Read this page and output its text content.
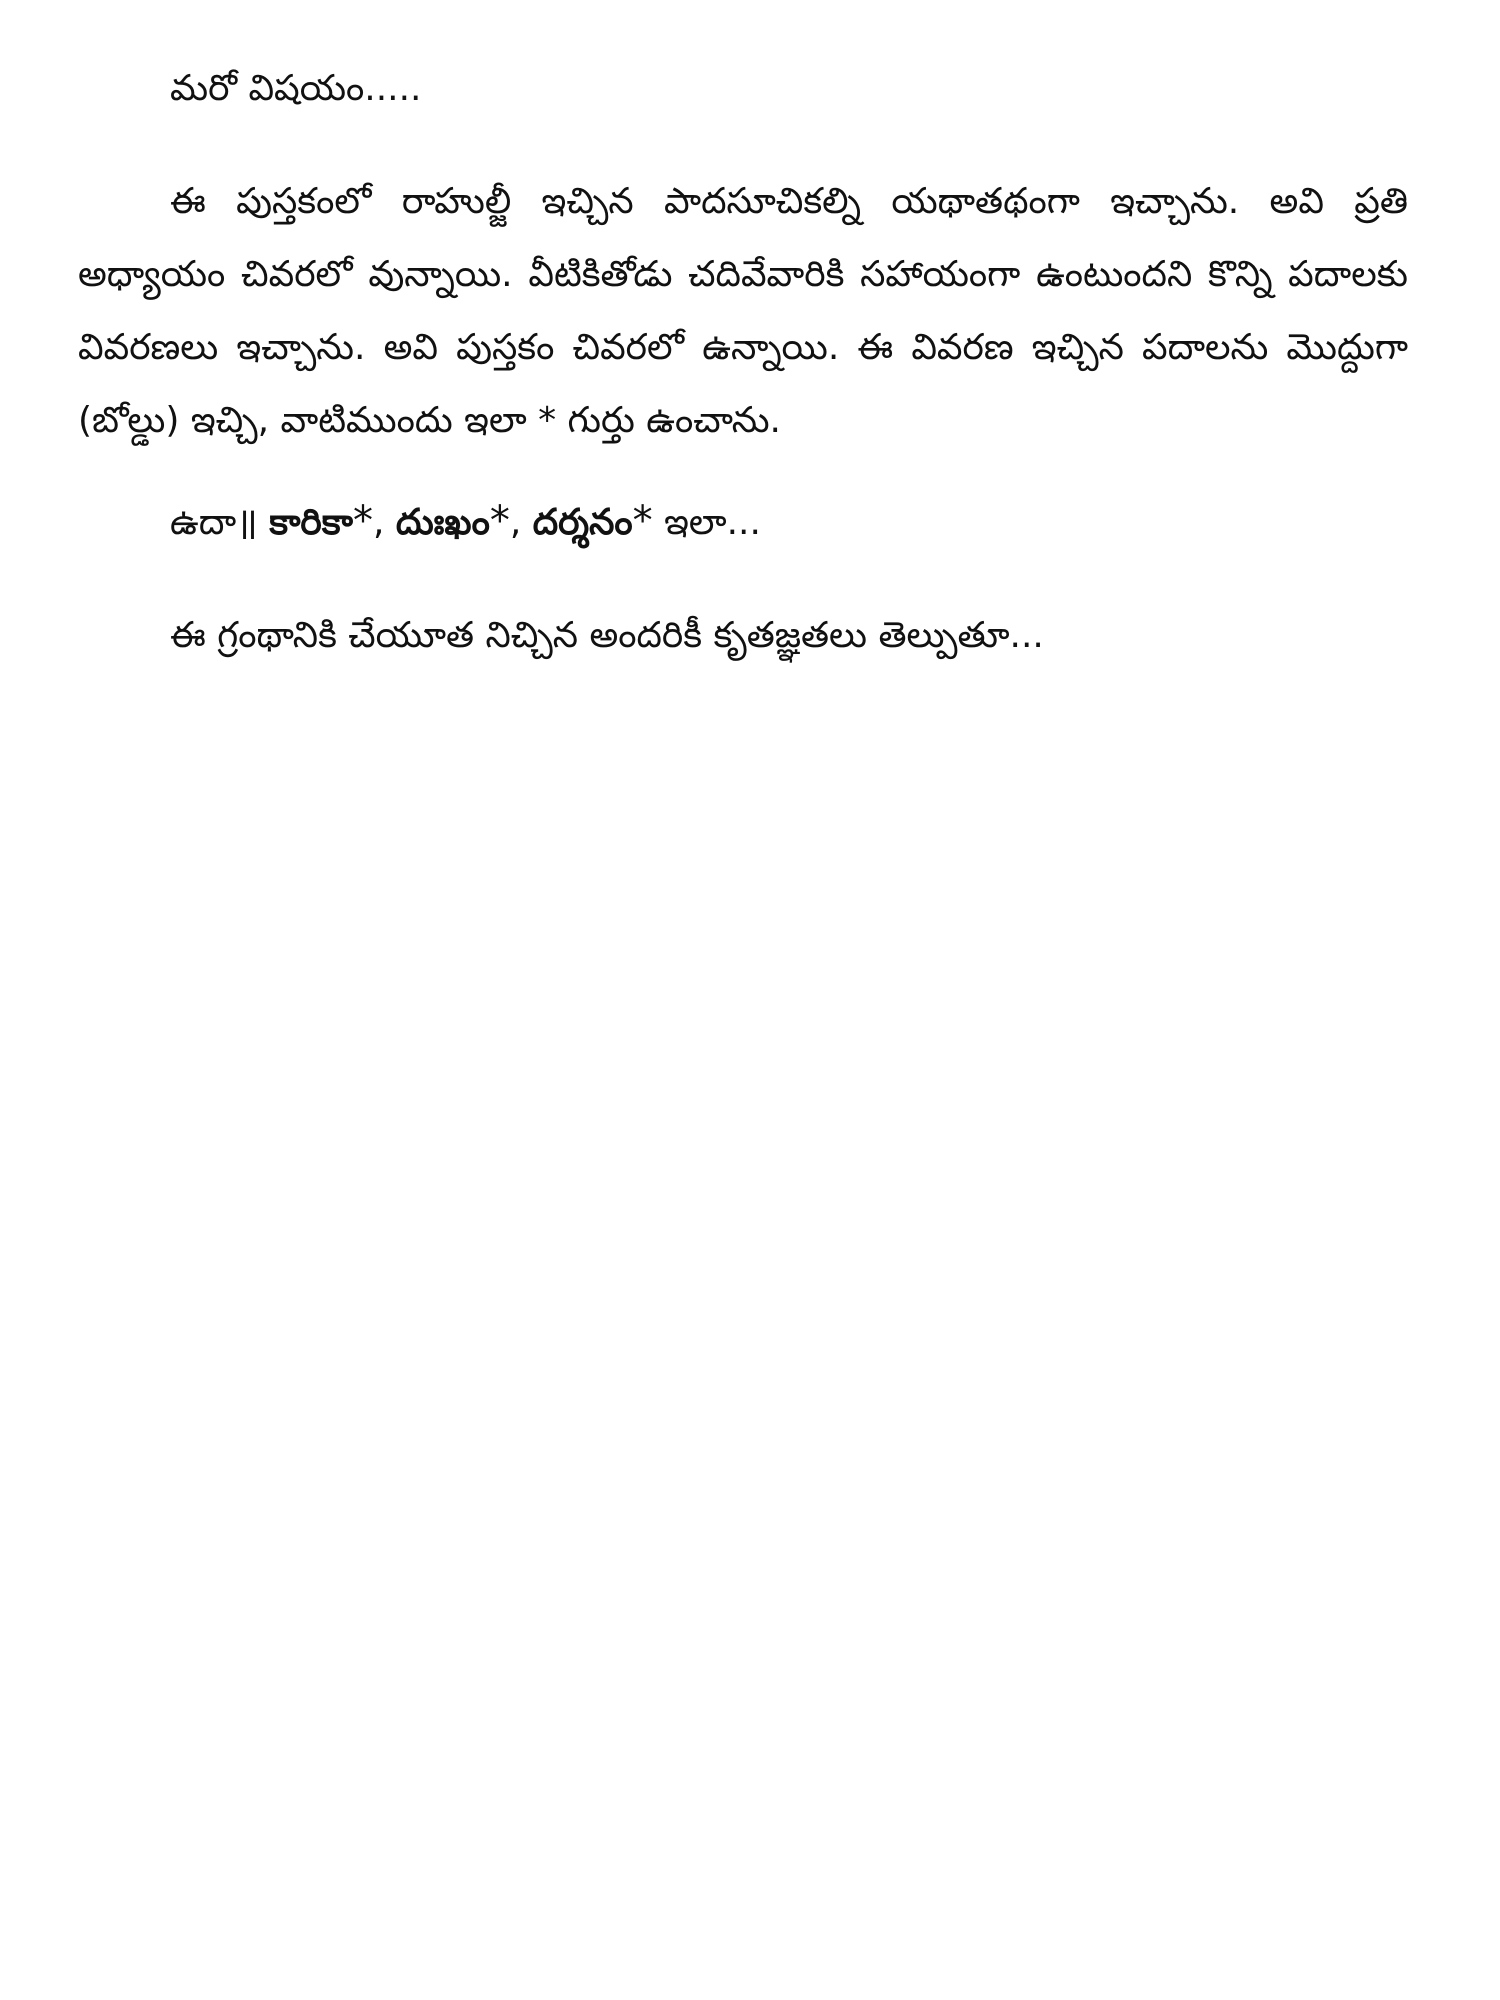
మరో విషయం.....

ఈ పుస్తకంలో రాహుల్జీ ఇచ్చిన పాదసూచికల్ని యథాతథంగా ఇచ్చాను. అవి ప్రతి అధ్యాయం చివరలో వున్నాయి. వీటికితోడు చదివేవారికి సహాయంగా ఉంటుందని కొన్ని పదాలకు వివరణలు ఇచ్చాను. అవి పుస్తకం చివరలో ఉన్నాయి. ఈ వివరణ ఇచ్చిన పదాలను మొద్దుగా (బోల్డు) ఇచ్చి, వాటిముందు ఇలా * గుర్తు ఉంచాను.

ఉదా॥ కారికా*, దుఃఖం*, దర్శనం* ఇలా...

ఈ గ్రంథానికి చేయూత నిచ్చిన అందరికీ కృతజ్ఞతలు తెల్పుతూ...
